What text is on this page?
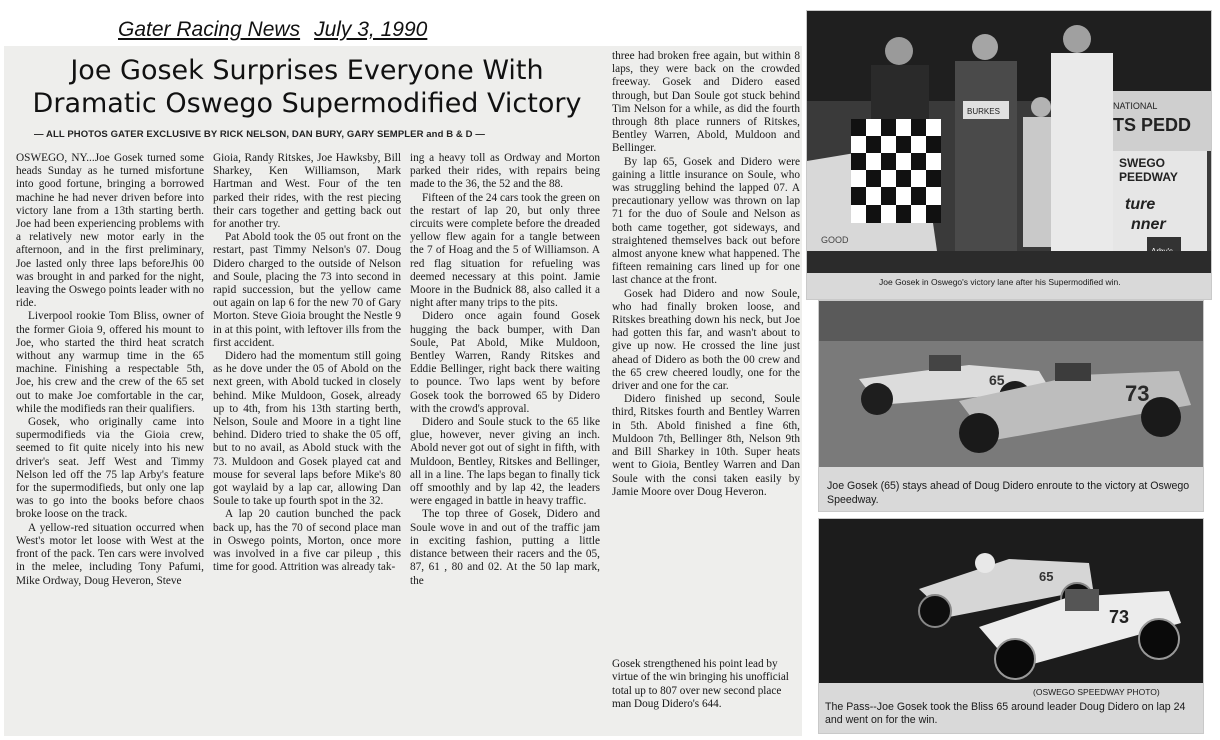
Gater Racing News July 3, 1990
Joe Gosek Surprises Everyone With
Dramatic Oswego Supermodified Victory
— ALL PHOTOS GATER EXCLUSIVE BY RICK NELSON, DAN BURY, GARY SEMPLER and B & D —

OSWEGO, NY...Joe Gosek turned some heads Sunday as he turned misfortune into good fortune, bringing a borrowed machine he had never driven before into victory lane from a 13th starting berth. Joe had been experiencing problems with a relatively new motor early in the afternoon, and in the first preliminary, Joe lasted only three laps beforeJhis 00 was brought in and parked for the night, leaving the Oswego points leader with no ride.

Liverpool rookie Tom Bliss, owner of the former Gioia 9, offered his mount to Joe, who started the third heat scratch without any warmup time in the 65 machine. Finishing a respectable 5th, Joe, his crew and the crew of the 65 set out to make Joe comfortable in the car, while the modifieds ran their qualifiers.

Gosek, who originally came into supermodifieds via the Gioia crew, seemed to fit quite nicely into his new driver's seat. Jeff West and Timmy Nelson led off the 75 lap Arby's feature for the supermodifieds, but only one lap was to go into the books before chaos broke loose on the track.

A yellow-red situation occurred when West's motor let loose with West at the front of the pack. Ten cars were involved in the melee, including Tony Pafumi, Mike Ordway, Doug Heveron, Steve

Gioia, Randy Ritskes, Joe Hawksby, Bill Sharkey, Ken Williamson, Mark Hartman and West. Four of the ten parked their rides, with the rest piecing their cars together and getting back out for another try.

Pat Abold took the 05 out front on the restart, past Timmy Nelson's 07. Doug Didero charged to the outside of Nelson and Soule, placing the 73 into second in rapid succession, but the yellow came out again on lap 6 for the new 70 of Gary Morton. Steve Gioia brought the Nestle 9 in at this point, with leftover ills from the first accident.

Didero had the momentum still going as he dove under the 05 of Abold on the next green, with Abold tucked in closely behind. Mike Muldoon, Gosek, already up to 4th, from his 13th starting berth, Nelson, Soule and Moore in a tight line behind. Didero tried to shake the 05 off, but to no avail, as Abold stuck with the 73. Muldoon and Gosek played cat and mouse for several laps before Mike's 80 got waylaid by a lap car, allowing Dan Soule to take up fourth spot in the 32.

A lap 20 caution bunched the pack back up, has the 70 of second place man in Oswego points, Morton, once more was involved in a five car pileup , this time for good. Attrition was already tak-

ing a heavy toll as Ordway and Morton parked their rides, with repairs being made to the 36, the 52 and the 88.

Fifteen of the 24 cars took the green on the restart of lap 20, but only three circuits were complete before the dreaded yellow flew again for a tangle between the 7 of Hoag and the 5 of Williamson. A red flag situation for refueling was deemed necessary at this point. Jamie Moore in the Budnick 88, also called it a night after many trips to the pits.

Didero once again found Gosek hugging the back bumper, with Dan Soule, Pat Abold, Mike Muldoon, Bentley Warren, Randy Ritskes and Eddie Bellinger, right back there waiting to pounce. Two laps went by before Gosek took the borrowed 65 by Didero with the crowd's approval.

Didero and Soule stuck to the 65 like glue, however, never giving an inch. Abold never got out of sight in fifth, with Muldoon, Bentley, Ritskes and Bellinger, all in a line. The laps began to finally tick off smoothly and by lap 42, the leaders were engaged in battle in heavy traffic.

The top three of Gosek, Didero and Soule wove in and out of the traffic jam in exciting fashion, putting a little distance between their racers and the 05, 87, 61 , 80 and 02. At the 50 lap mark, the

three had broken free again, but within 8 laps, they were back on the crowded freeway. Gosek and Didero eased through, but Dan Soule got stuck behind Tim Nelson for a while, as did the fourth through 8th place runners of Ritskes, Bentley Warren, Abold, Muldoon and Bellinger.

By lap 65, Gosek and Didero were gaining a little insurance on Soule, who was struggling behind the lapped 07. A precautionary yellow was thrown on lap 71 for the duo of Soule and Nelson as both came together, got sideways, and straightened themselves back out before almost anyone knew what happened. The fifteen remaining cars lined up for one last chance at the front.

Gosek had Didero and now Soule, who had finally broken loose, and Ritskes breathing down his neck, but Joe had gotten this far, and wasn't about to give up now. He crossed the line just ahead of Didero as both the 00 crew and the 65 crew cheered loudly, one for the driver and one for the car.

Didero finished up second, Soule third, Ritskes fourth and Bentley Warren in 5th. Abold finished a fine 6th, Muldoon 7th, Bellinger 8th, Nelson 9th and Bill Sharkey in 10th. Super heats went to Gioia, Bentley Warren and Dan Soule with the consi taken easily by Jamie Moore over Doug Heveron.

Gosek strengthened his point lead by virtue of the win bringing his unofficial total up to 807 over new second place man Doug Didero's 644.
NATIONAL
TS PEDD
SWEGO
PEEDWAY
ture
nner
GOOD
BURKES
Joe Gosek in Oswego's victory lane after his Supermodified win.
65
73
Joe Gosek (65) stays ahead of Doug Didero enroute to the victory at Oswego Speedway.
65
73
(OSWEGO SPEEDWAY PHOTO)
The Pass--Joe Gosek took the Bliss 65 around leader Doug Didero on lap 24 and went on for the win.
